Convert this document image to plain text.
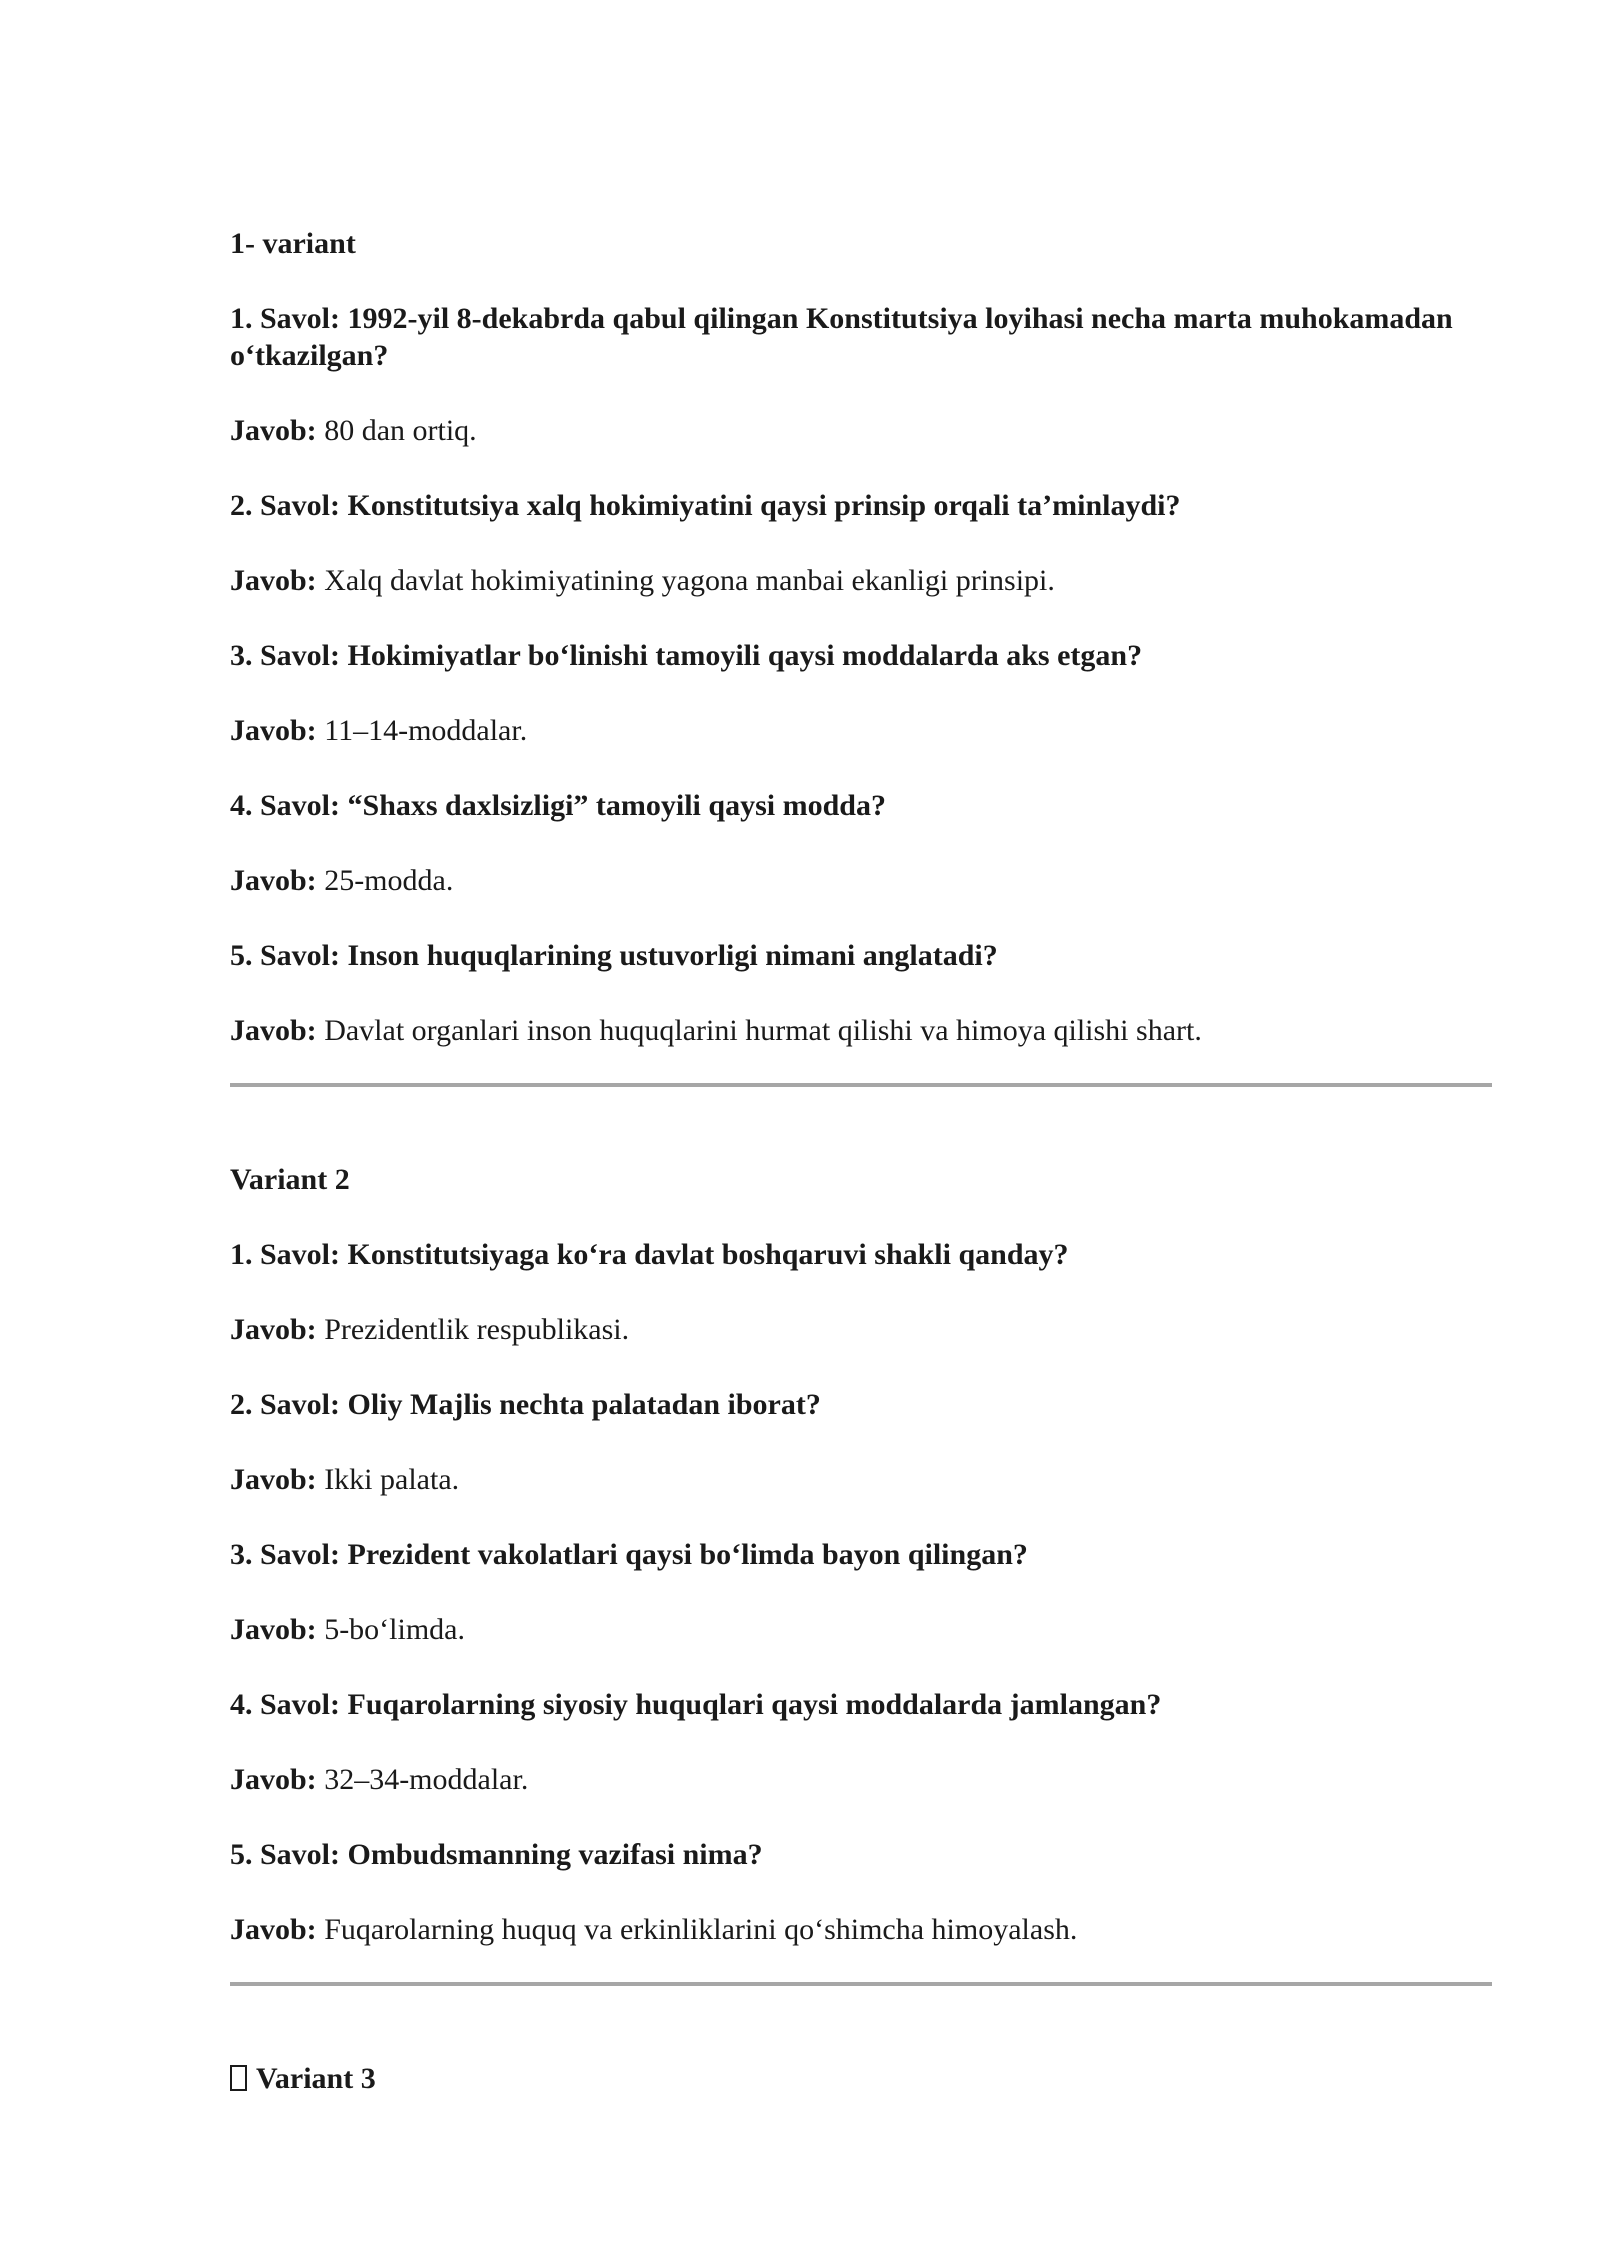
1- variant

1. Savol: 1992-yil 8-dekabrda qabul qilingan Konstitutsiya loyihasi necha marta muhokamadan o‘tkazilgan?

Javob: 80 dan ortiq.

2. Savol: Konstitutsiya xalq hokimiyatini qaysi prinsip orqali ta’minlaydi?

Javob: Xalq davlat hokimiyatining yagona manbai ekanligi prinsipi.

3. Savol: Hokimiyatlar bo‘linishi tamoyili qaysi moddalarda aks etgan?

Javob: 11–14-moddalar.

4. Savol: “Shaxs daxlsizligi” tamoyili qaysi modda?

Javob: 25-modda.

5. Savol: Inson huquqlarining ustuvorligi nimani anglatadi?

Javob: Davlat organlari inson huquqlarini hurmat qilishi va himoya qilishi shart.

Variant 2

1. Savol: Konstitutsiyaga ko‘ra davlat boshqaruvi shakli qanday?

Javob: Prezidentlik respublikasi.

2. Savol: Oliy Majlis nechta palatadan iborat?

Javob: Ikki palata.

3. Savol: Prezident vakolatlari qaysi bo‘limda bayon qilingan?

Javob: 5-bo‘limda.

4. Savol: Fuqarolarning siyosiy huquqlari qaysi moddalarda jamlangan?

Javob: 32–34-moddalar.

5. Savol: Ombudsmanning vazifasi nima?

Javob: Fuqarolarning huquq va erkinliklarini qo‘shimcha himoyalash.

Variant 3
